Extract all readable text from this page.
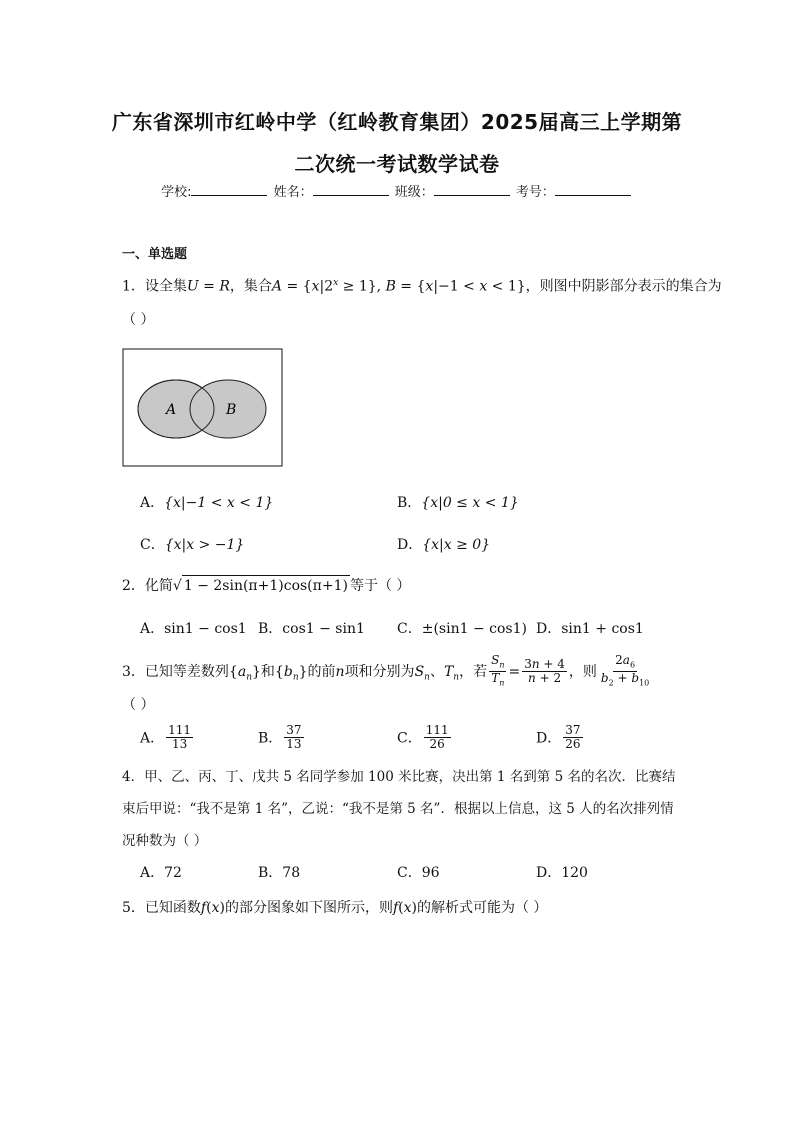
广东省深圳市红岭中学（红岭教育集团）2025届高三上学期第
二次统一考试数学试卷
学校:	姓名：	班级：	考号：
一、单选题
1．设全集U = R，集合$A = \{x|2^x \ge 1\}$, B = {x|−1 < x < 1}，则图中阴影部分表示的集合为
（ ）
A	B
A．{x|−1 < x < 1}	B．{x|0 ≤ x < 1}
C．{x|x > −1}	D．{x|x ≥ 0}
2．化简√ 1 − 2sin(π+1)cos(π+1) 等于（ ）
A．sin1 − cos1 B．cos1 − sin1 C．±(sin1 − cos1) D．sin1 + cos1
3．已知等差数列$\{a_n\}$和$\{b_n\}$的前n项和分别为$S_n$、$T_n$，若 $\frac{S_n}{T_n} = \frac{3n + 4}{n + 2}$ ，则 $\frac{2a_6}{b_2 + b_{10}}$
（ ）
A． $\frac{111}{13}$	B． $\frac{37}{13}$	C． $\frac{111}{26}$	D． $\frac{37}{26}$
4．甲、乙、丙、丁、戊共 5 名同学参加 100 米比赛，决出第 1 名到第 5 名的名次．比赛结
束后甲说：“我不是第 1 名”，乙说：“我不是第 5 名”．根据以上信息，这 5 人的名次排列情
况种数为（ ）
A．72	B．78	C．96	D．120
5．已知函数f(x)的部分图象如下图所示，则f(x)的解析式可能为（ ）
